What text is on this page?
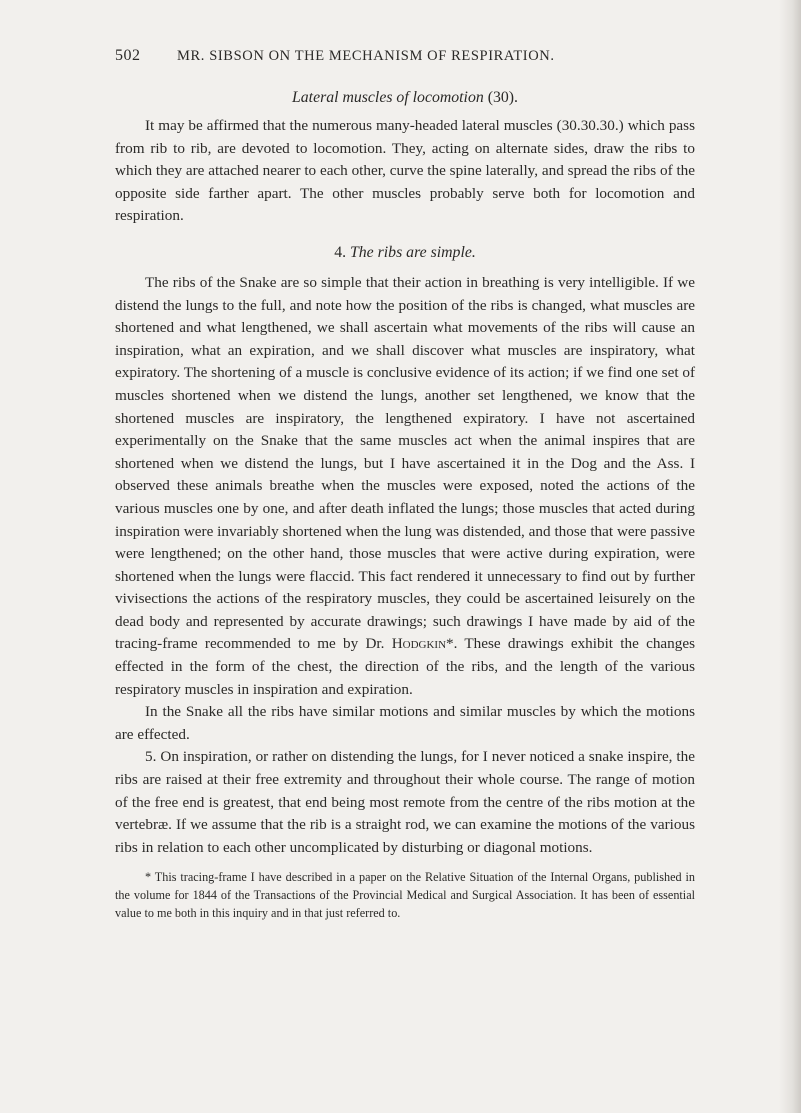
502	MR. SIBSON ON THE MECHANISM OF RESPIRATION.
Lateral muscles of locomotion (30).

It may be affirmed that the numerous many-headed lateral muscles (30.30.30.) which pass from rib to rib, are devoted to locomotion. They, acting on alternate sides, draw the ribs to which they are attached nearer to each other, curve the spine laterally, and spread the ribs of the opposite side farther apart. The other muscles probably serve both for locomotion and respiration.

4. The ribs are simple.

The ribs of the Snake are so simple that their action in breathing is very intelligible. If we distend the lungs to the full, and note how the position of the ribs is changed, what muscles are shortened and what lengthened, we shall ascertain what movements of the ribs will cause an inspiration, what an expiration, and we shall discover what muscles are inspiratory, what expiratory. The shortening of a muscle is conclusive evidence of its action; if we find one set of muscles shortened when we distend the lungs, another set lengthened, we know that the shortened muscles are inspiratory, the lengthened expiratory. I have not ascertained experimentally on the Snake that the same muscles act when the animal inspires that are shortened when we distend the lungs, but I have ascertained it in the Dog and the Ass. I observed these animals breathe when the muscles were exposed, noted the actions of the various muscles one by one, and after death inflated the lungs; those muscles that acted during inspiration were invariably shortened when the lung was distended, and those that were passive were lengthened; on the other hand, those muscles that were active during expiration, were shortened when the lungs were flaccid. This fact rendered it unnecessary to find out by further vivisections the actions of the respiratory muscles, they could be ascertained leisurely on the dead body and represented by accurate drawings; such drawings I have made by aid of the tracing-frame recommended to me by Dr. Hodgkin*. These drawings exhibit the changes effected in the form of the chest, the direction of the ribs, and the length of the various respiratory muscles in inspiration and expiration.

In the Snake all the ribs have similar motions and similar muscles by which the motions are effected.

5. On inspiration, or rather on distending the lungs, for I never noticed a snake inspire, the ribs are raised at their free extremity and throughout their whole course. The range of motion of the free end is greatest, that end being most remote from the centre of the ribs motion at the vertebræ. If we assume that the rib is a straight rod, we can examine the motions of the various ribs in relation to each other uncomplicated by disturbing or diagonal motions.

* This tracing-frame I have described in a paper on the Relative Situation of the Internal Organs, published in the volume for 1844 of the Transactions of the Provincial Medical and Surgical Association. It has been of essential value to me both in this inquiry and in that just referred to.
